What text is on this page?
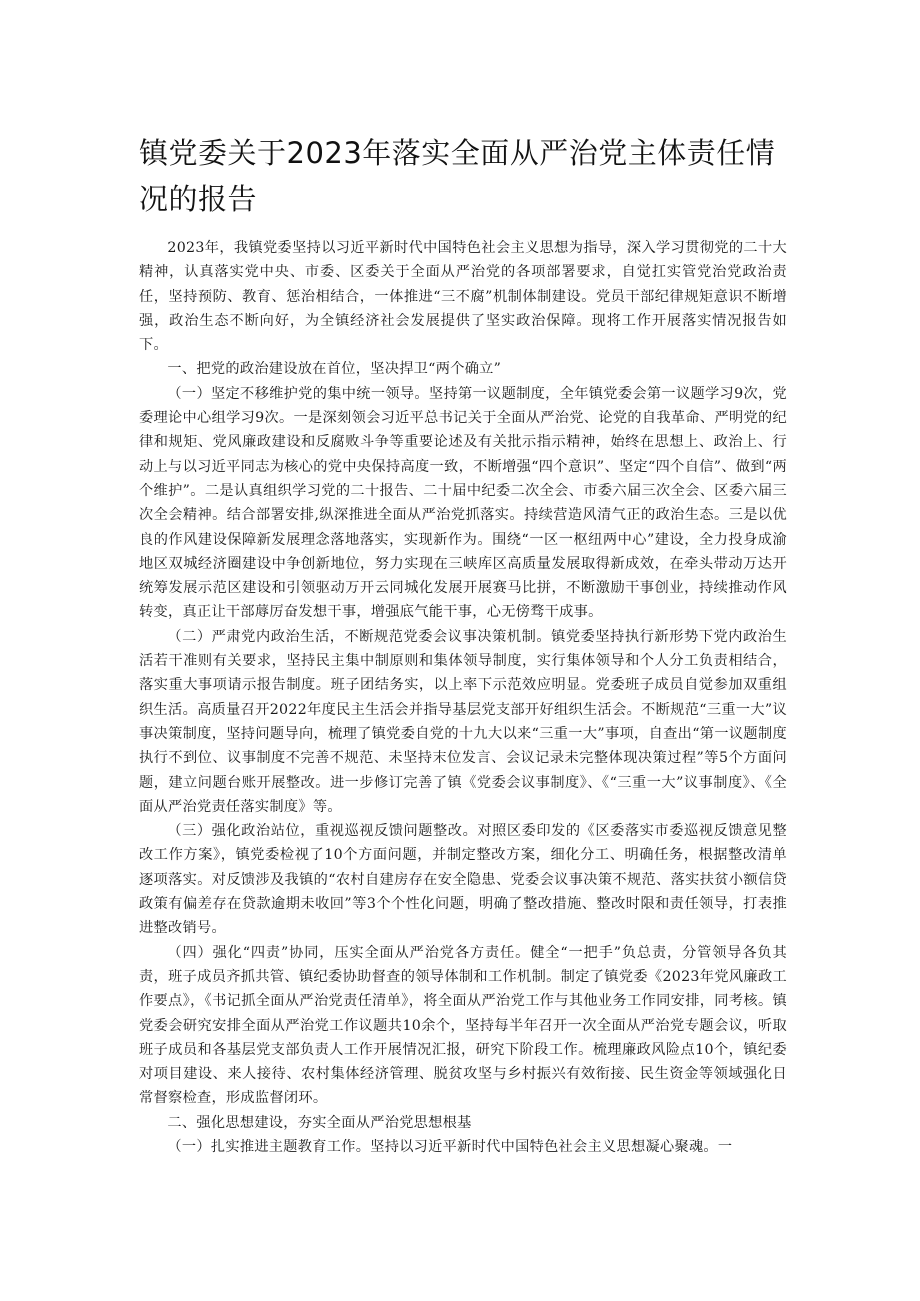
镇党委关于2023年落实全面从严治党主体责任情况的报告

2023年，我镇党委坚持以习近平新时代中国特色社会主义思想为指导，深入学习贯彻党的二十大精神，认真落实党中央、市委、区委关于全面从严治党的各项部署要求，自觉扛实管党治党政治责任，坚持预防、教育、惩治相结合，一体推进“三不腐”机制体制建设。党员干部纪律规矩意识不断增强，政治生态不断向好，为全镇经济社会发展提供了坚实政治保障。现将工作开展落实情况报告如下。

一、把党的政治建设放在首位，坚决捍卫“两个确立”

（一）坚定不移维护党的集中统一领导。坚持第一议题制度，全年镇党委会第一议题学习9次，党委理论中心组学习9次。一是深刻领会习近平总书记关于全面从严治党、论党的自我革命、严明党的纪律和规矩、党风廉政建设和反腐败斗争等重要论述及有关批示指示精神，始终在思想上、政治上、行动上与以习近平同志为核心的党中央保持高度一致，不断增强“四个意识”、坚定“四个自信”、做到“两个维护”。二是认真组织学习党的二十报告、二十届中纪委二次全会、市委六届三次全会、区委六届三次全会精神。结合部署安排,纵深推进全面从严治党抓落实。持续营造风清气正的政治生态。三是以优良的作风建设保障新发展理念落地落实，实现新作为。围绕“一区一枢纽两中心”建设，全力投身成渝地区双城经济圈建设中争创新地位，努力实现在三峡库区高质量发展取得新成效，在牵头带动万达开统筹发展示范区建设和引领驱动万开云同城化发展开展赛马比拼，不断激励干事创业，持续推动作风转变，真正让干部蓐厉奋发想干事，增强底气能干事，心无傍骛干成事。

（二）严肃党内政治生活，不断规范党委会议事决策机制。镇党委坚持执行新形势下党内政治生活若干准则有关要求，坚持民主集中制原则和集体领导制度，实行集体领导和个人分工负责相结合，落实重大事项请示报告制度。班子团结务实，以上率下示范效应明显。党委班子成员自觉参加双重组织生活。高质量召开2022年度民主生活会并指导基层党支部开好组织生活会。不断规范“三重一大”议事决策制度，坚持问题导向，梳理了镇党委自党的十九大以来“三重一大”事项，自查出“第一议题制度执行不到位、议事制度不完善不规范、未坚持末位发言、会议记录未完整体现决策过程”等5个方面问题，建立问题台账开展整改。进一步修订完善了镇《党委会议事制度》、《“三重一大”议事制度》、《全面从严治党责任落实制度》等。

（三）强化政治站位，重视巡视反馈问题整改。对照区委印发的《区委落实市委巡视反馈意见整改工作方案》，镇党委检视了10个方面问题，并制定整改方案，细化分工、明确任务，根据整改清单逐项落实。对反馈涉及我镇的“农村自建房存在安全隐患、党委会议事决策不规范、落实扶贫小额信贷政策有偏差存在贷款逾期未收回”等3个个性化问题，明确了整改措施、整改时限和责任领导，打表推进整改销号。

（四）强化“四责”协同，压实全面从严治党各方责任。健全“一把手”负总责，分管领导各负其责，班子成员齐抓共管、镇纪委协助督查的领导体制和工作机制。制定了镇党委《2023年党风廉政工作要点》，《书记抓全面从严治党责任清单》，将全面从严治党工作与其他业务工作同安排，同考核。镇党委会研究安排全面从严治党工作议题共10余个，坚持每半年召开一次全面从严治党专题会议，听取班子成员和各基层党支部负责人工作开展情况汇报，研究下阶段工作。梳理廉政风险点10个，镇纪委对项目建设、来人接待、农村集体经济管理、脱贫攻坚与乡村振兴有效衔接、民生资金等领域强化日常督察检查，形成监督闭环。

二、强化思想建设，夯实全面从严治党思想根基

（一）扎实推进主题教育工作。坚持以习近平新时代中国特色社会主义思想凝心聚魂。一
